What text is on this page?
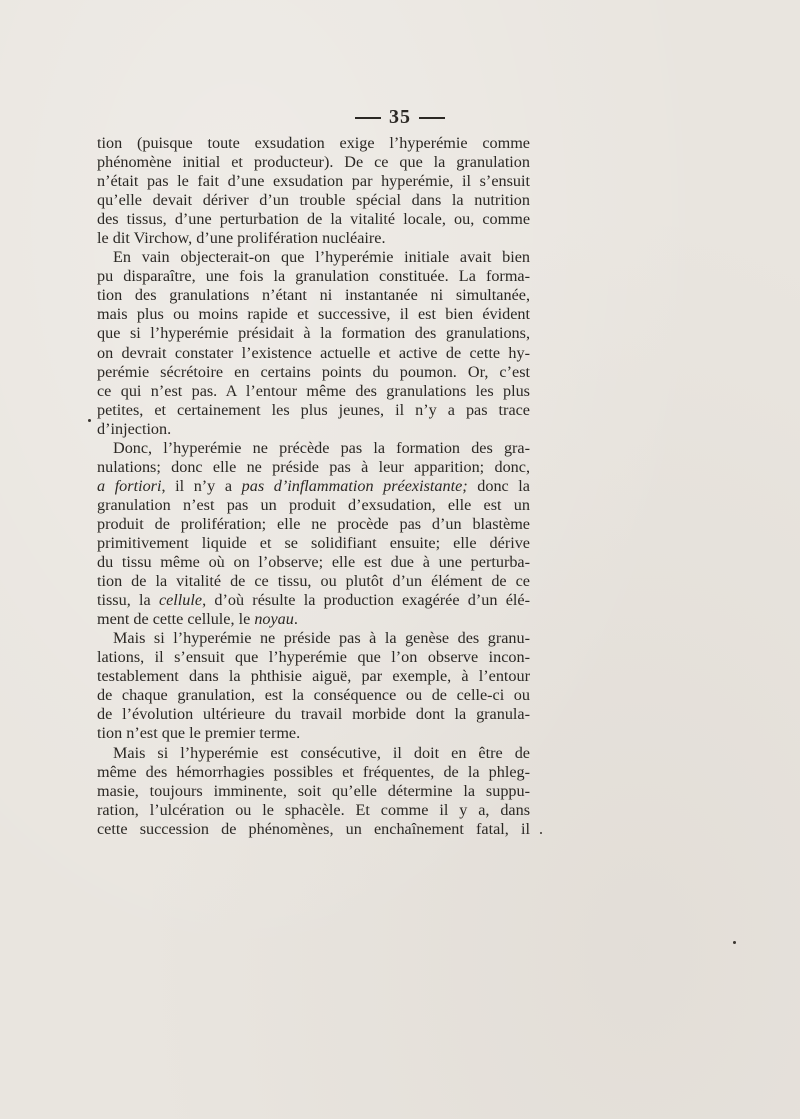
35
tion (puisque toute exsudation exige l’hyperémie comme
phénomène initial et producteur). De ce que la granulation
n’était pas le fait d’une exsudation par hyperémie, il s’ensuit
qu’elle devait dériver d’un trouble spécial dans la nutrition
des tissus, d’une perturbation de la vitalité locale, ou, comme
le dit Virchow, d’une prolifération nucléaire.
En vain objecterait-on que l’hyperémie initiale avait bien
pu disparaître, une fois la granulation constituée. La forma-
tion des granulations n’étant ni instantanée ni simultanée,
mais plus ou moins rapide et successive, il est bien évident
que si l’hyperémie présidait à la formation des granulations,
on devrait constater l’existence actuelle et active de cette hy-
perémie sécrétoire en certains points du poumon. Or, c’est
ce qui n’est pas. A l’entour même des granulations les plus
petites, et certainement les plus jeunes, il n’y a pas trace
d’injection.
Donc, l’hyperémie ne précède pas la formation des gra-
nulations; donc elle ne préside pas à leur apparition; donc,
a fortiori, il n’y a pas d’inflammation préexistante; donc la
granulation n’est pas un produit d’exsudation, elle est un
produit de prolifération; elle ne procède pas d’un blastème
primitivement liquide et se solidifiant ensuite; elle dérive
du tissu même où on l’observe; elle est due à une perturba-
tion de la vitalité de ce tissu, ou plutôt d’un élément de ce
tissu, la cellule, d’où résulte la production exagérée d’un élé-
ment de cette cellule, le noyau.
Mais si l’hyperémie ne préside pas à la genèse des granu-
lations, il s’ensuit que l’hyperémie que l’on observe incon-
testablement dans la phthisie aiguë, par exemple, à l’entour
de chaque granulation, est la conséquence ou de celle-ci ou
de l’évolution ultérieure du travail morbide dont la granula-
tion n’est que le premier terme.
Mais si l’hyperémie est consécutive, il doit en être de
même des hémorrhagies possibles et fréquentes, de la phleg-
masie, toujours imminente, soit qu’elle détermine la suppu-
ration, l’ulcération ou le sphacèle. Et comme il y a, dans
cette succession de phénomènes, un enchaînement fatal, il
